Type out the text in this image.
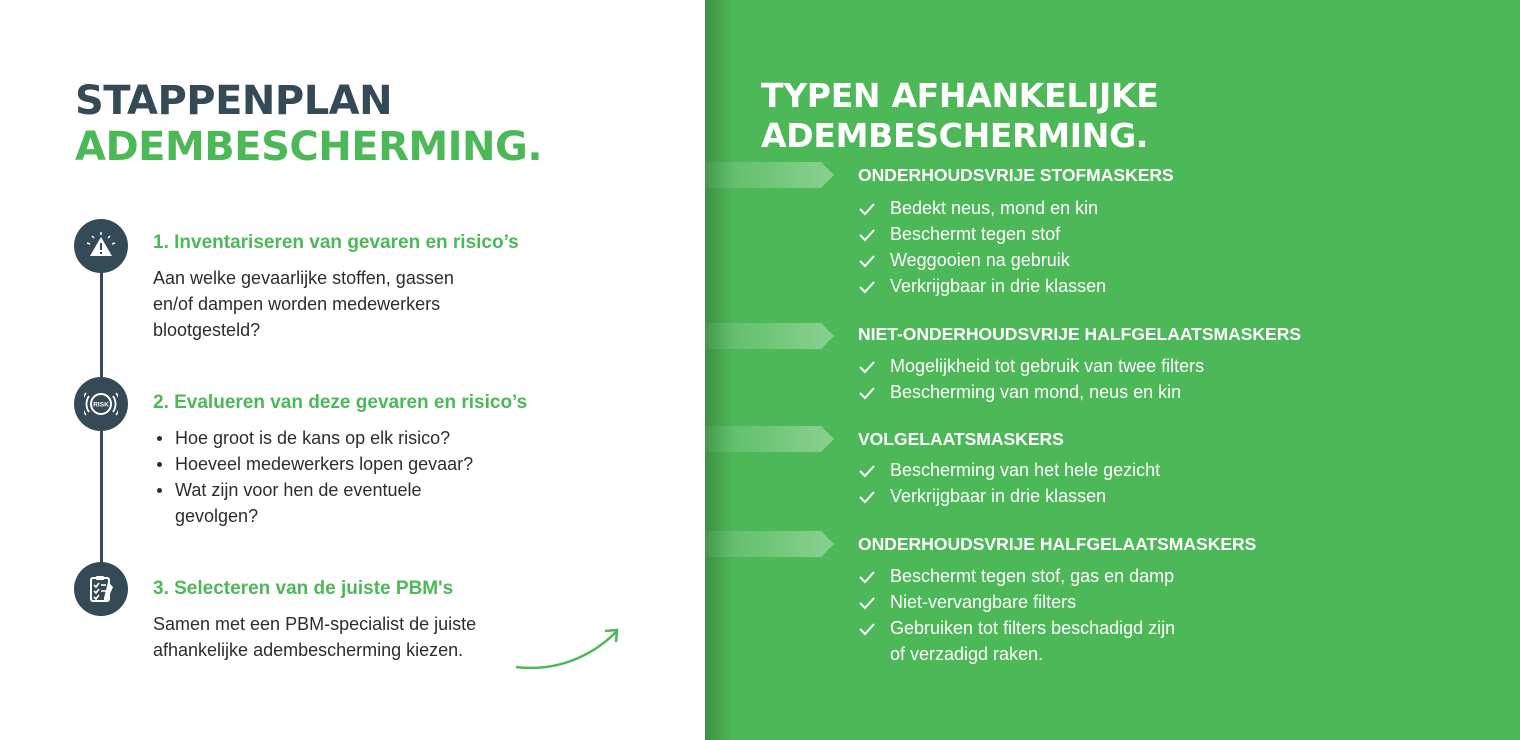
STAPPENPLAN
ADEMBESCHERMING.
1. Inventariseren van gevaren en risico’s
Aan welke gevaarlijke stoffen, gassen
en/of dampen worden medewerkers
blootgesteld?
RISK 2. Evalueren van deze gevaren en risico’s
Hoe groot is de kans op elk risico?
Hoeveel medewerkers lopen gevaar?
Wat zijn voor hen de eventuele
gevolgen?
3. Selecteren van de juiste PBM's
Samen met een PBM-specialist de juiste
afhankelijke adembescherming kiezen.
TYPEN AFHANKELIJKE
ADEMBESCHERMING.
ONDERHOUDSVRIJE STOFMASKERS
Bedekt neus, mond en kin
Beschermt tegen stof
Weggooien na gebruik
Verkrijgbaar in drie klassen
NIET-ONDERHOUDSVRIJE HALFGELAATSMASKERS
Mogelijkheid tot gebruik van twee filters
Bescherming van mond, neus en kin
VOLGELAATSMASKERS
Bescherming van het hele gezicht
Verkrijgbaar in drie klassen
ONDERHOUDSVRIJE HALFGELAATSMASKERS
Beschermt tegen stof, gas en damp
Niet-vervangbare filters
Gebruiken tot filters beschadigd zijn
of verzadigd raken.
